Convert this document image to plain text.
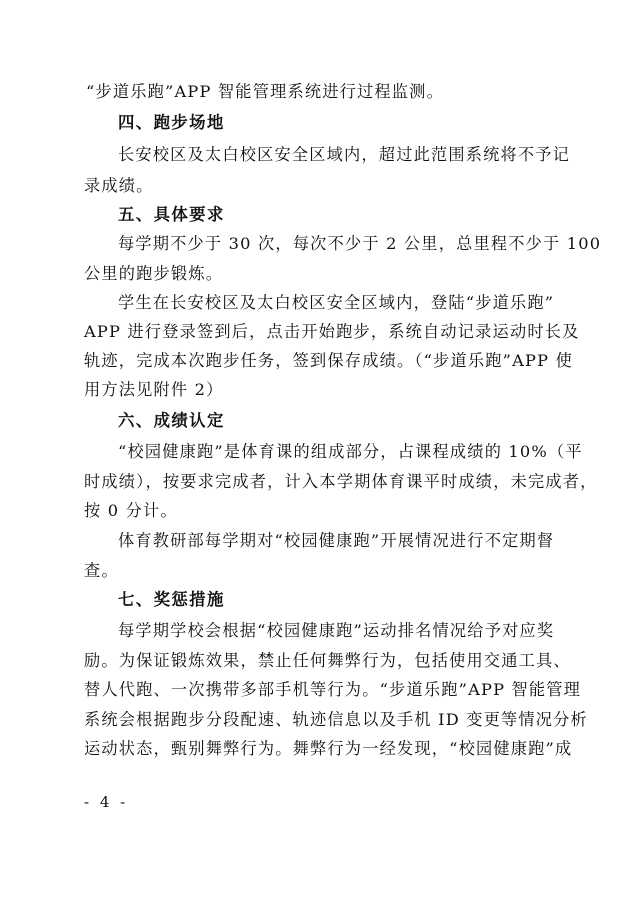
“步道乐跑”APP 智能管理系统进行过程监测。
四、跑步场地
长安校区及太白校区安全区域内，超过此范围系统将不予记
录成绩。
五、具体要求
每学期不少于 30 次，每次不少于 2 公里，总里程不少于 100
公里的跑步锻炼。
学生在长安校区及太白校区安全区域内，登陆“步道乐跑”
APP 进行登录签到后，点击开始跑步，系统自动记录运动时长及
轨迹，完成本次跑步任务，签到保存成绩。（“步道乐跑”APP 使
用方法见附件 2）
六、成绩认定
“校园健康跑”是体育课的组成部分，占课程成绩的 10%（平
时成绩），按要求完成者，计入本学期体育课平时成绩，未完成者，
按 0 分计。
体育教研部每学期对“校园健康跑”开展情况进行不定期督
查。
七、奖惩措施
每学期学校会根据“校园健康跑”运动排名情况给予对应奖
励。为保证锻炼效果，禁止任何舞弊行为，包括使用交通工具、
替人代跑、一次携带多部手机等行为。“步道乐跑”APP 智能管理
系统会根据跑步分段配速、轨迹信息以及手机 ID 变更等情况分析
运动状态，甄别舞弊行为。舞弊行为一经发现，“校园健康跑”成
- 4 -
